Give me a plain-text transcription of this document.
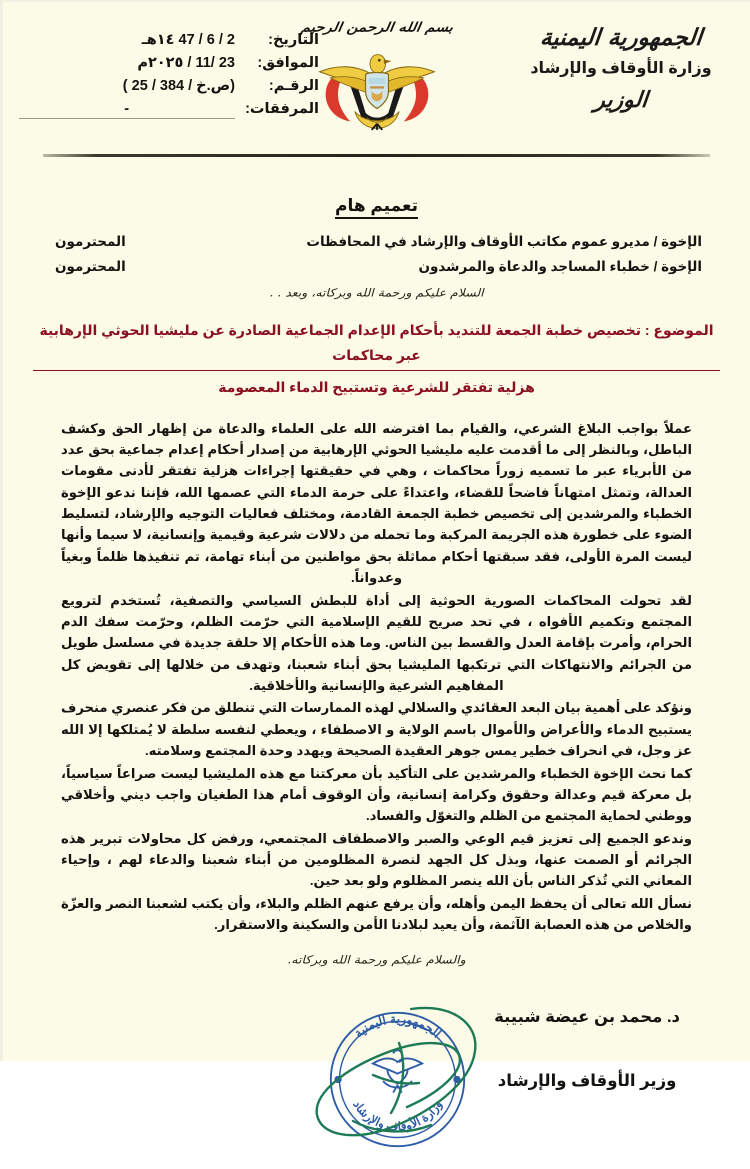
الجمهورية اليمنية
وزارة الأوقاف والإرشاد
الوزير
بسم الله الرحمن الرحيم
التاريخ:
2 / 6 / 47 ١٤هـ
الموافق:
23 /11 / ٢٠٢٥م
الرقـم:
(ص.خ / 384 / 25 )
المرفقات:
-
تعميم هام
الإخوة / مديرو عموم مكاتب الأوقاف والإرشاد في المحافظات
المحترمون
الإخوة / خطباء المساجد والدعاة والمرشدون
المحترمون
السلام عليكم ورحمة الله وبركاته، وبعد . .
الموضوع : تخصيص خطبة الجمعة للتنديد بأحكام الإعدام الجماعية الصادرة عن مليشيا الحوثي الإرهابية عبر محاكمات
هزلية تفتقر للشرعية وتستبيح الدماء المعصومة

عملاً بواجب البلاغ الشرعي، والقيام بما افترضه الله على العلماء والدعاة من إظهار الحق وكشف الباطل، وبالنظر إلى ما أقدمت عليه مليشيا الحوثي الإرهابية من إصدار أحكام إعدام جماعية بحق عدد من الأبرياء عبر ما تسميه زوراً محاكمات ، وهي في حقيقتها إجراءات هزلية تفتقر لأدنى مقومات العدالة، وتمثل امتهاناً فاضحاً للقضاء، واعتداءً على حرمة الدماء التي عصمها الله، فإننا ندعو الإخوة الخطباء والمرشدين إلى تخصيص خطبة الجمعة القادمة، ومختلف فعاليات التوجيه والإرشاد، لتسليط الضوء على خطورة هذه الجريمة المركبة وما تحمله من دلالات شرعية وقيمية وإنسانية، لا سيما وأنها ليست المرة الأولى، فقد سبقتها أحكام مماثلة بحق مواطنين من أبناء تهامة، تم تنفيذها ظلماً وبغياً وعدواناً.

لقد تحولت المحاكمات الصورية الحوثية إلى أداة للبطش السياسي والتصفية، تُستخدم لترويع المجتمع وتكميم الأفواه ، في تحد صريح للقيم الإسلامية التي حرّمت الظلم، وحرّمت سفك الدم الحرام، وأمرت بإقامة العدل والقسط بين الناس. وما هذه الأحكام إلا حلقة جديدة في مسلسل طويل من الجرائم والانتهاكات التي ترتكبها المليشيا بحق أبناء شعبنا، وتهدف من خلالها إلى تقويض كل المفاهيم الشرعية والإنسانية والأخلاقية.

ونؤكد على أهمية بيان البعد العقائدي والسلالي لهذه الممارسات التي تنطلق من فكر عنصري منحرف يستبيح الدماء والأعراض والأموال باسم الولاية و الاصطفاء ، ويعطي لنفسه سلطة لا يُمتلكها إلا الله عز وجل، في انحراف خطير يمس جوهر العقيدة الصحيحة ويهدد وحدة المجتمع وسلامته.

كما نحث الإخوة الخطباء والمرشدين على التأكيد بأن معركتنا مع هذه المليشيا ليست صراعاً سياسياً، بل معركة قيم وعدالة وحقوق وكرامة إنسانية، وأن الوقوف أمام هذا الطغيان واجب ديني وأخلاقي ووطني لحماية المجتمع من الظلم والتغوّل والفساد.

وندعو الجميع إلى تعزيز قيم الوعي والصبر والاصطفاف المجتمعي، ورفض كل محاولات تبرير هذه الجرائم أو الصمت عنها، وبذل كل الجهد لنصرة المظلومين من أبناء شعبنا والدعاء لهم ، وإحياء المعاني التي تُذكر الناس بأن الله ينصر المظلوم ولو بعد حين.

نسأل الله تعالى أن يحفظ اليمن وأهله، وأن يرفع عنهم الظلم والبلاء، وأن يكتب لشعبنا النصر والعزّة والخلاص من هذه العصابة الآثمة، وأن يعيد لبلادنا الأمن والسكينة والاستقرار.

والسلام عليكم ورحمة الله وبركاته.
د. محمد بن عيضة شبيبة
وزير الأوقاف والإرشاد
الجمهورية اليمنية
وزارة الأوقاف والإرشاد
